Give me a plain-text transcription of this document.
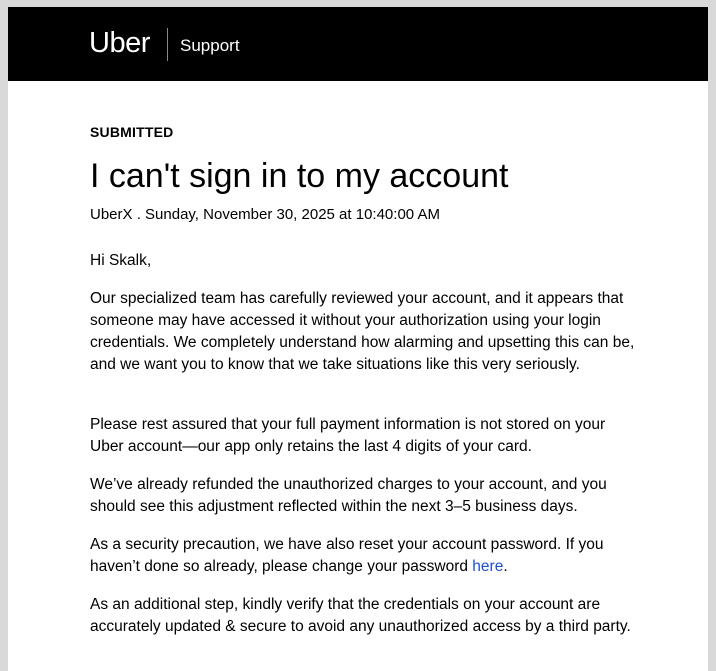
Uber Support
SUBMITTED
I can't sign in to my account
UberX . Sunday, November 30, 2025 at 10:40:00 AM
Hi Skalk,

Our specialized team has carefully reviewed your account, and it appears that someone may have accessed it without your authorization using your login credentials. We completely understand how alarming and upsetting this can be, and we want you to know that we take situations like this very seriously.

Please rest assured that your full payment information is not stored on your Uber account—our app only retains the last 4 digits of your card.

We’ve already refunded the unauthorized charges to your account, and you should see this adjustment reflected within the next 3–5 business days.

As a security precaution, we have also reset your account password. If you haven’t done so already, please change your password here.

As an additional step, kindly verify that the credentials on your account are accurately updated & secure to avoid any unauthorized access by a third party.
